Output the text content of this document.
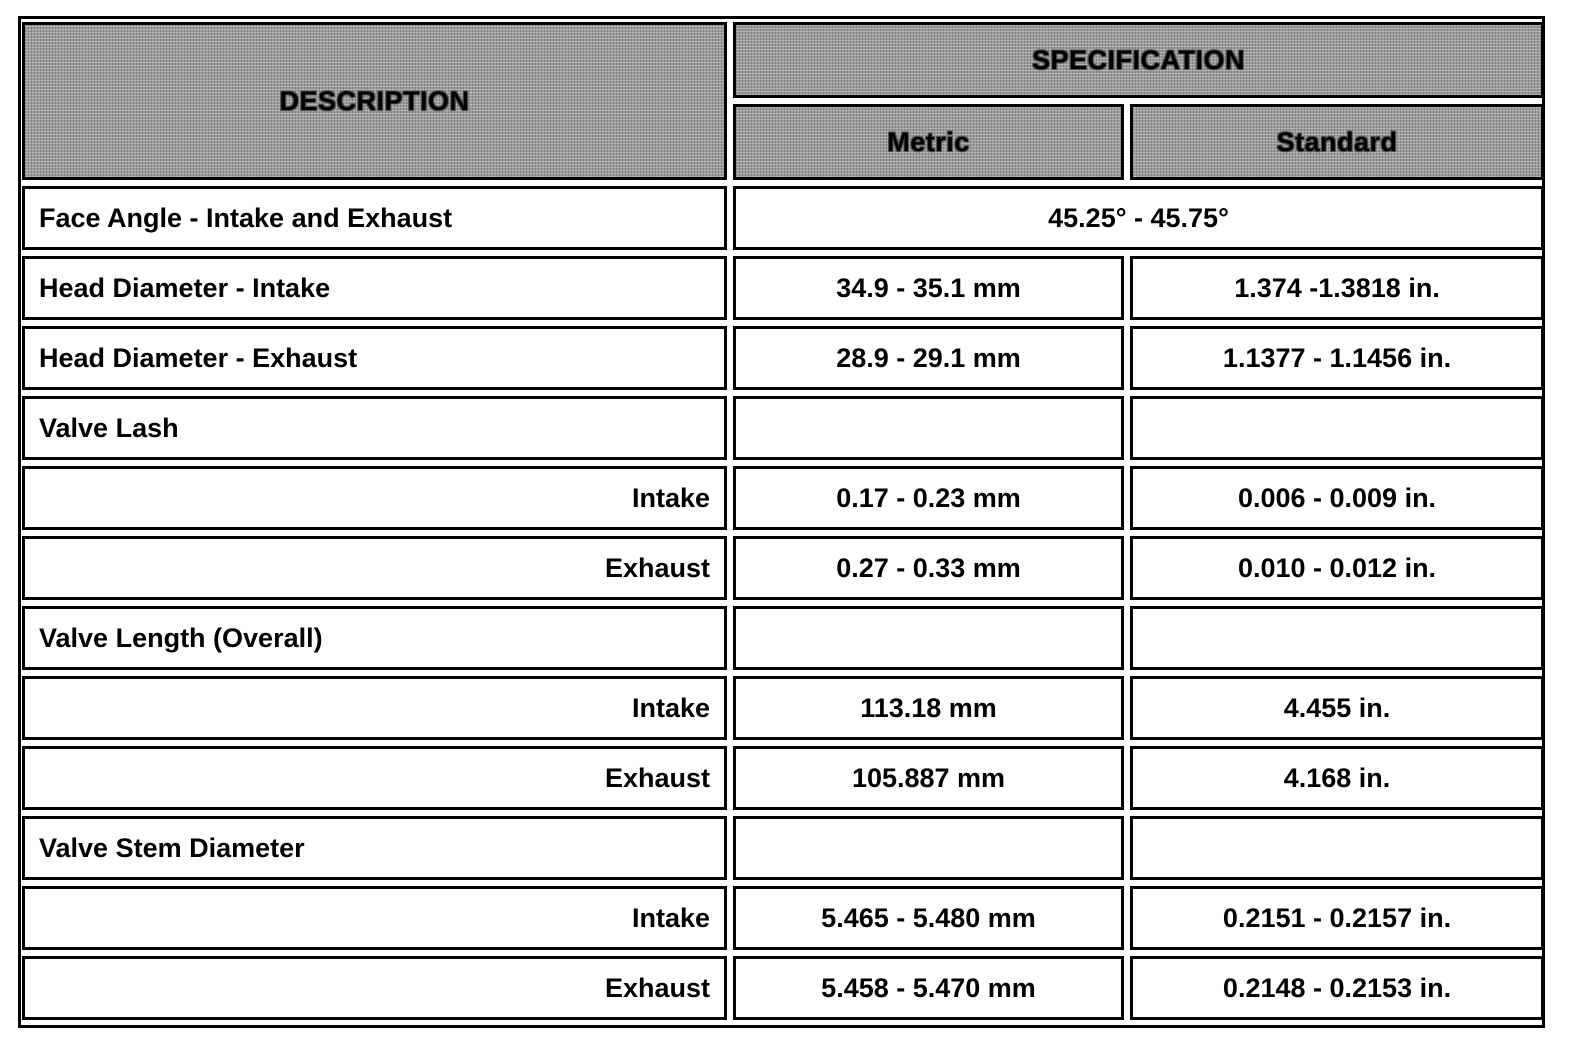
DESCRIPTION	SPECIFICATION	
	Metric	Standard
Face Angle - Intake and Exhaust	45.25° - 45.75°	
Head Diameter - Intake	34.9 - 35.1 mm	1.374 -1.3818 in.
Head Diameter - Exhaust	28.9 - 29.1 mm	1.1377 - 1.1456 in.
Valve Lash		
Intake	0.17 - 0.23 mm	0.006 - 0.009 in.
Exhaust	0.27 - 0.33 mm	0.010 - 0.012 in.
Valve Length (Overall)		
Intake	113.18 mm	4.455 in.
Exhaust	105.887 mm	4.168 in.
Valve Stem Diameter		
Intake	5.465 - 5.480 mm	0.2151 - 0.2157 in.
Exhaust	5.458 - 5.470 mm	0.2148 - 0.2153 in.
